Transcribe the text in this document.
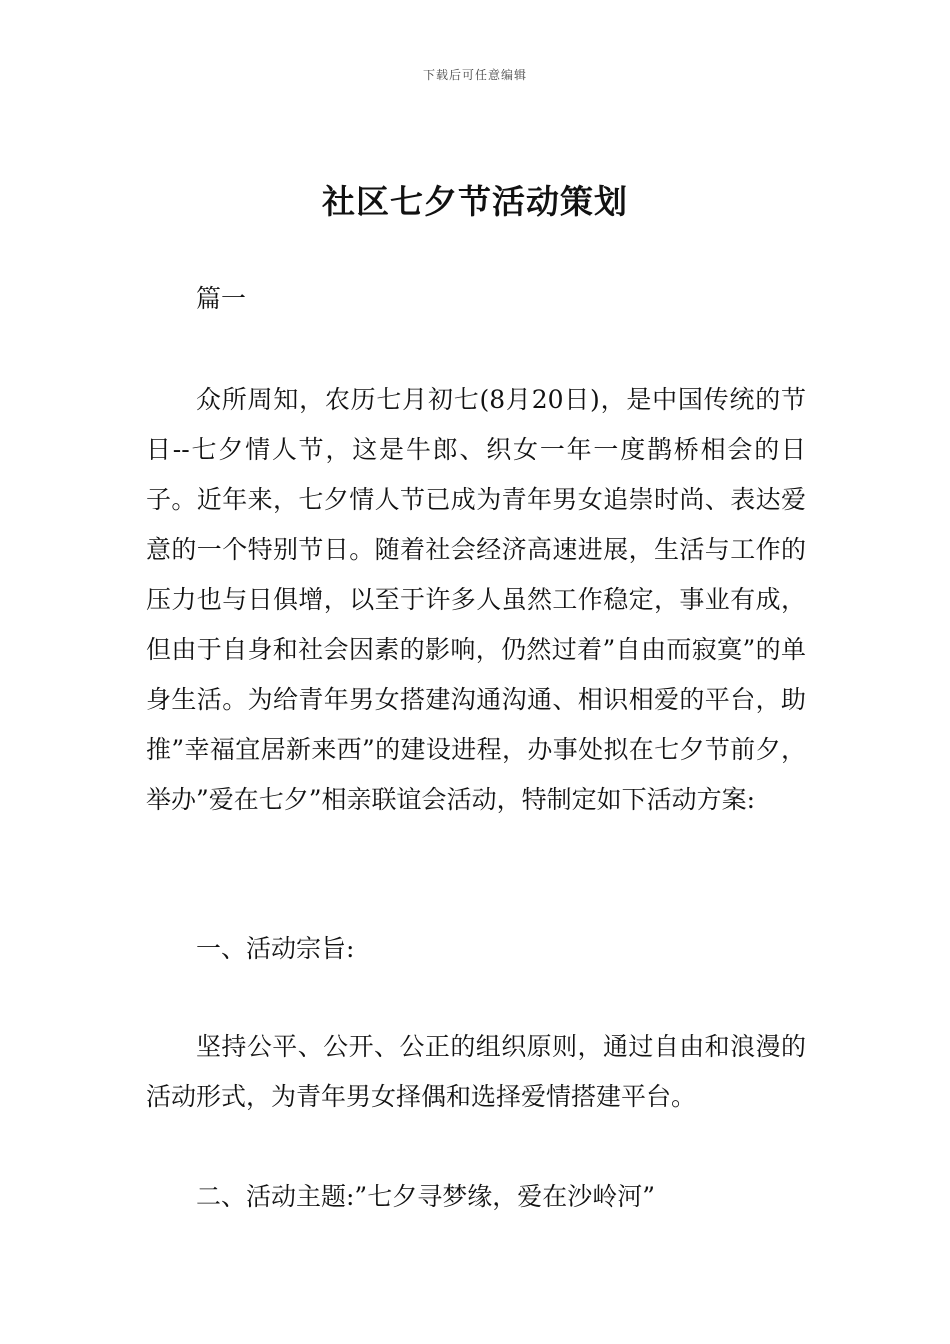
下载后可任意编辑
社区七夕节活动策划

篇一

众所周知，农历七月初七(8月20日)，是中国传统的节日--七夕情人节，这是牛郎、织女一年一度鹊桥相会的日子。近年来，七夕情人节已成为青年男女追崇时尚、表达爱意的一个特别节日。随着社会经济高速进展，生活与工作的压力也与日俱增，以至于许多人虽然工作稳定，事业有成，但由于自身和社会因素的影响，仍然过着”自由而寂寞”的单身生活。为给青年男女搭建沟通沟通、相识相爱的平台，助推”幸福宜居新来西”的建设进程，办事处拟在七夕节前夕，举办”爱在七夕”相亲联谊会活动，特制定如下活动方案:

一、活动宗旨:

坚持公平、公开、公正的组织原则，通过自由和浪漫的活动形式，为青年男女择偶和选择爱情搭建平台。

二、活动主题:”七夕寻梦缘，爱在沙岭河”
